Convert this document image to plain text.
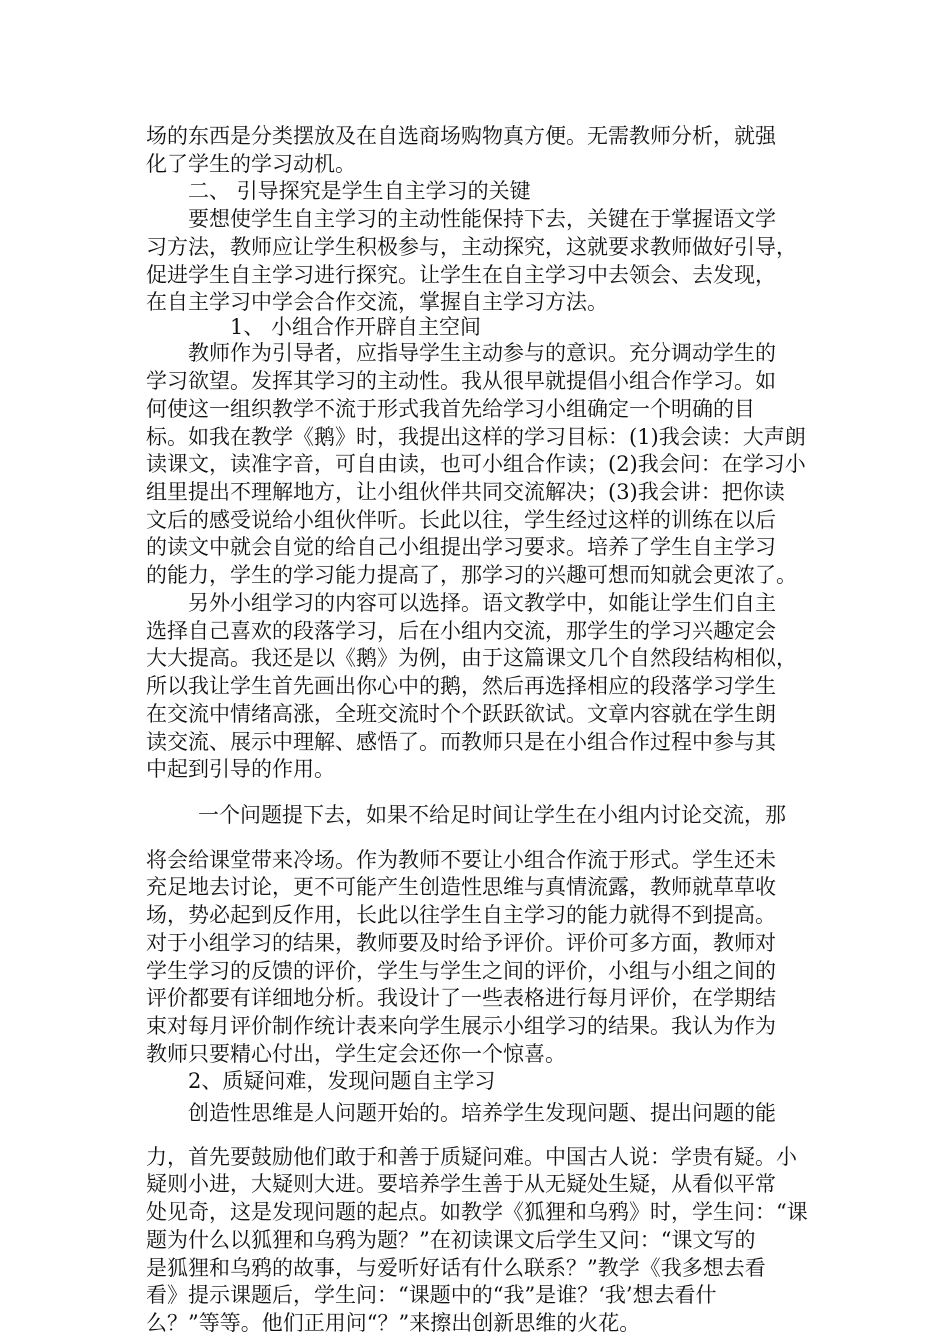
场的东西是分类摆放及在自选商场购物真方便。无需教师分析，就强
化了学生的学习动机。
二、 引导探究是学生自主学习的关键
要想使学生自主学习的主动性能保持下去，关键在于掌握语文学
习方法，教师应让学生积极参与，主动探究，这就要求教师做好引导，
促进学生自主学习进行探究。让学生在自主学习中去领会、去发现，
在自主学习中学会合作交流，掌握自主学习方法。
1、 小组合作开辟自主空间
教师作为引导者，应指导学生主动参与的意识。充分调动学生的
学习欲望。发挥其学习的主动性。我从很早就提倡小组合作学习。如
何使这一组织教学不流于形式我首先给学习小组确定一个明确的目
标。如我在教学《鹅》时，我提出这样的学习目标：(1)我会读：大声朗
读课文，读准字音，可自由读，也可小组合作读；(2)我会问：在学习小
组里提出不理解地方，让小组伙伴共同交流解决；(3)我会讲：把你读
文后的感受说给小组伙伴听。长此以往，学生经过这样的训练在以后
的读文中就会自觉的给自己小组提出学习要求。培养了学生自主学习
的能力，学生的学习能力提高了，那学习的兴趣可想而知就会更浓了。
另外小组学习的内容可以选择。语文教学中，如能让学生们自主
选择自己喜欢的段落学习，后在小组内交流，那学生的学习兴趣定会
大大提高。我还是以《鹅》为例，由于这篇课文几个自然段结构相似，
所以我让学生首先画出你心中的鹅，然后再选择相应的段落学习学生
在交流中情绪高涨，全班交流时个个跃跃欲试。文章内容就在学生朗
读交流、展示中理解、感悟了。而教师只是在小组合作过程中参与其
中起到引导的作用。
一个问题提下去，如果不给足时间让学生在小组内讨论交流，那
将会给课堂带来冷场。作为教师不要让小组合作流于形式。学生还未
充足地去讨论，更不可能产生创造性思维与真情流露，教师就草草收
场，势必起到反作用，长此以往学生自主学习的能力就得不到提高。
对于小组学习的结果，教师要及时给予评价。评价可多方面，教师对
学生学习的反馈的评价，学生与学生之间的评价，小组与小组之间的
评价都要有详细地分析。我设计了一些表格进行每月评价，在学期结
束对每月评价制作统计表来向学生展示小组学习的结果。我认为作为
教师只要精心付出，学生定会还你一个惊喜。
2、质疑问难，发现问题自主学习
创造性思维是人问题开始的。培养学生发现问题、提出问题的能
力，首先要鼓励他们敢于和善于质疑问难。中国古人说：学贵有疑。小
疑则小进，大疑则大进。要培养学生善于从无疑处生疑，从看似平常
处见奇，这是发现问题的起点。如教学《狐狸和乌鸦》时，学生问：“课
题为什么以狐狸和乌鸦为题？”在初读课文后学生又问：“课文写的
是狐狸和乌鸦的故事，与爱听好话有什么联系？”教学《我多想去看
看》提示课题后，学生问：“课题中的“我”是谁？‘我’想去看什
么？”等等。他们正用问“？”来擦出创新思维的火花。
